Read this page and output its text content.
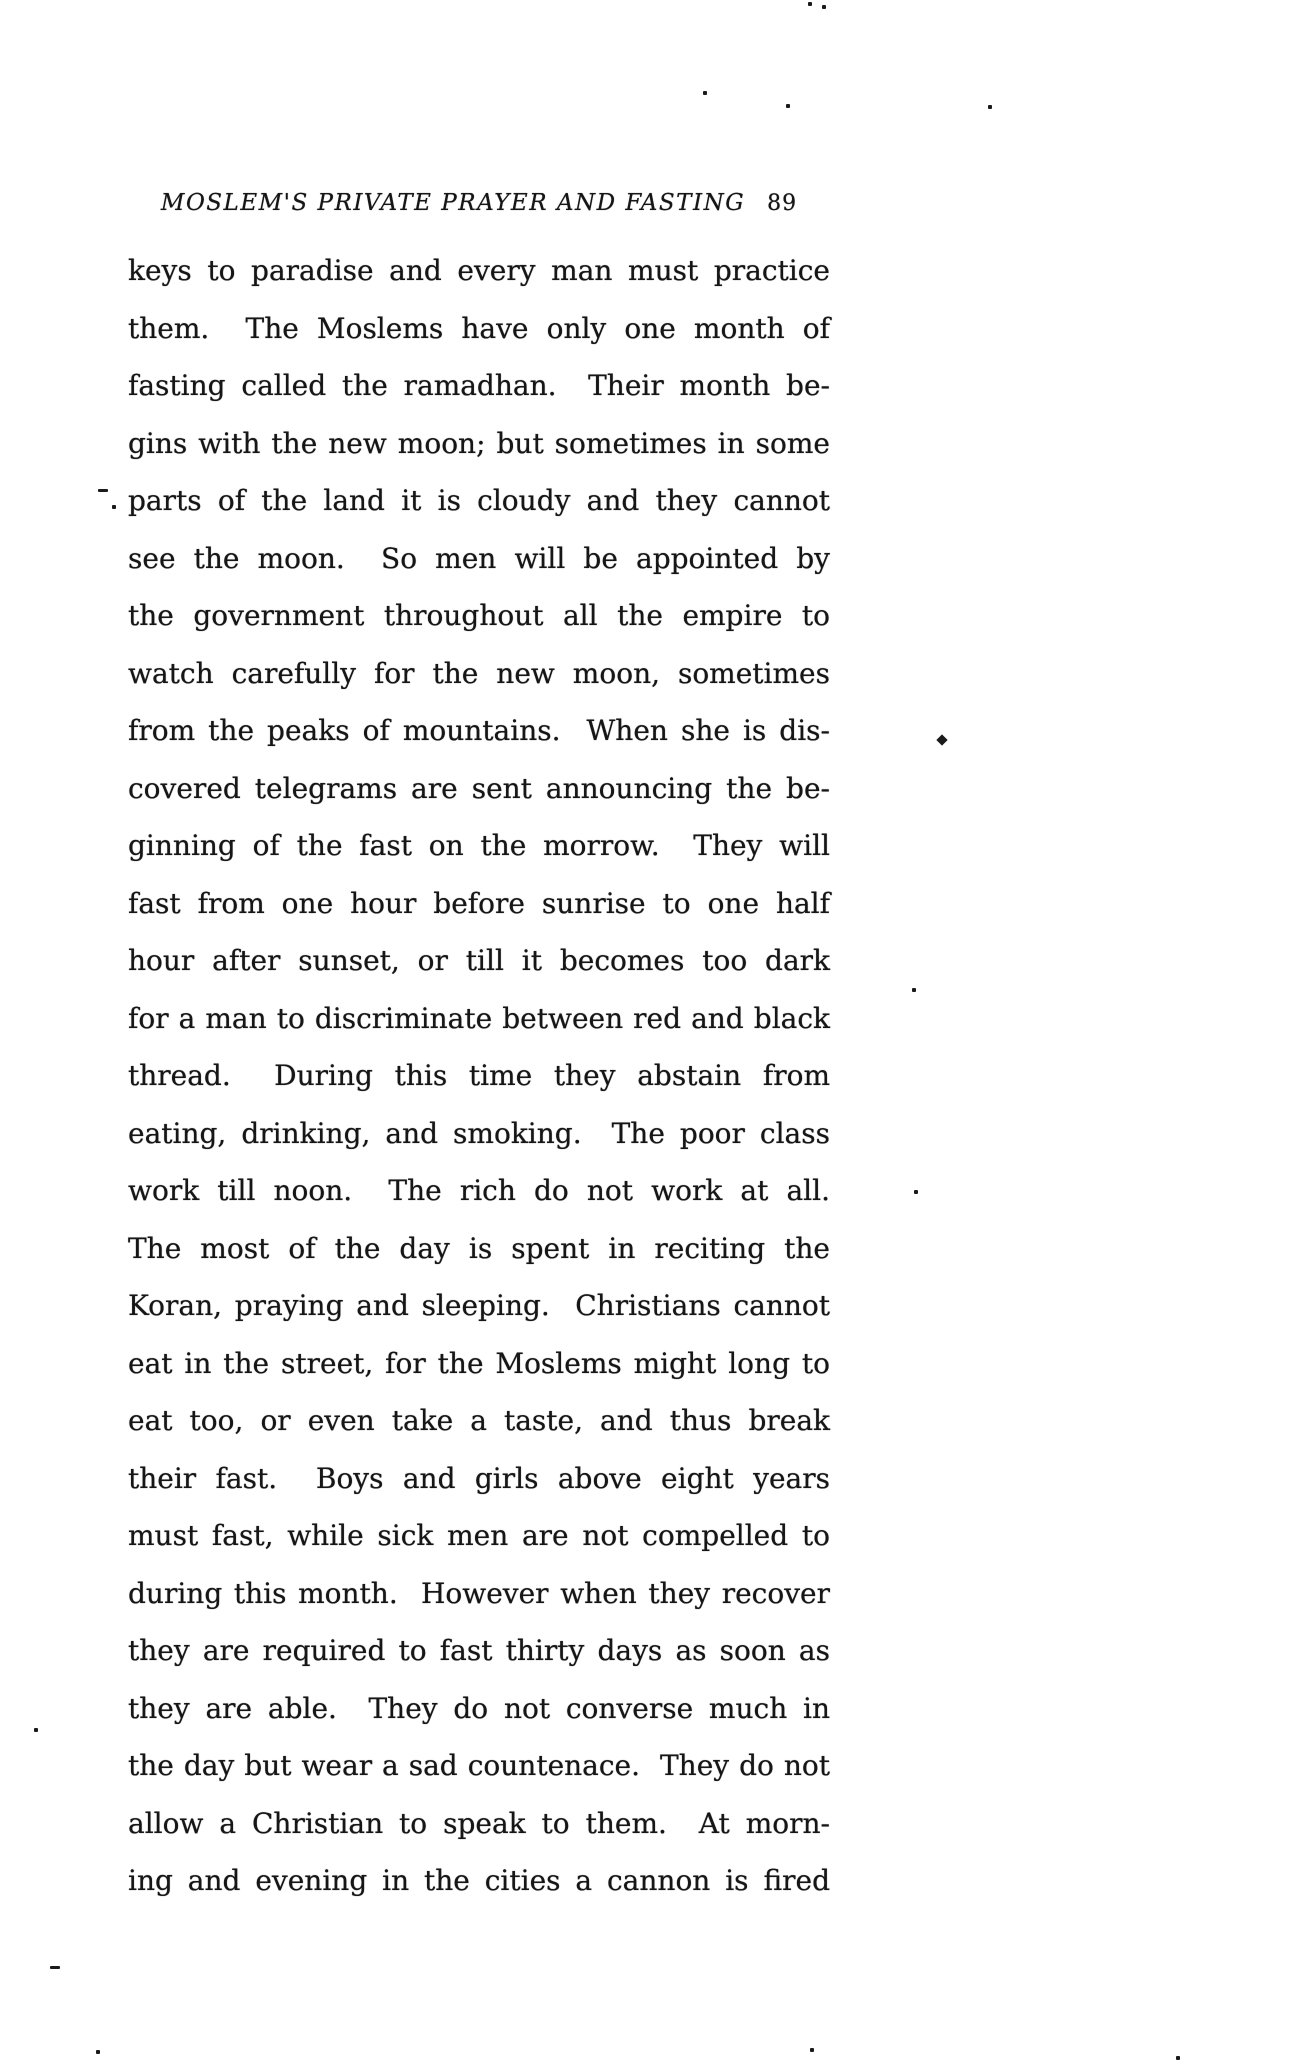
MOSLEM'S PRIVATE PRAYER AND FASTING 89

keys to paradise and every man must practice

them.  The Moslems have only one month of

fasting called the ramadhan.  Their month be-

gins with the new moon; but sometimes in some

parts of the land it is cloudy and they cannot

see the moon.  So men will be appointed by

the government throughout all the empire to

watch carefully for the new moon, sometimes

from the peaks of mountains.  When she is dis-

covered telegrams are sent announcing the be-

ginning of the fast on the morrow.  They will

fast from one hour before sunrise to one half

hour after sunset, or till it becomes too dark

for a man to discriminate between red and black

thread.  During this time they abstain from

eating, drinking, and smoking.  The poor class

work till noon.  The rich do not work at all.

The most of the day is spent in reciting the

Koran, praying and sleeping.  Christians cannot

eat in the street, for the Moslems might long to

eat too, or even take a taste, and thus break

their fast.  Boys and girls above eight years

must fast, while sick men are not compelled to

during this month.  However when they recover

they are required to fast thirty days as soon as

they are able.  They do not converse much in

the day but wear a sad countenace.  They do not

allow a Christian to speak to them.  At morn-

ing and evening in the cities a cannon is fired
